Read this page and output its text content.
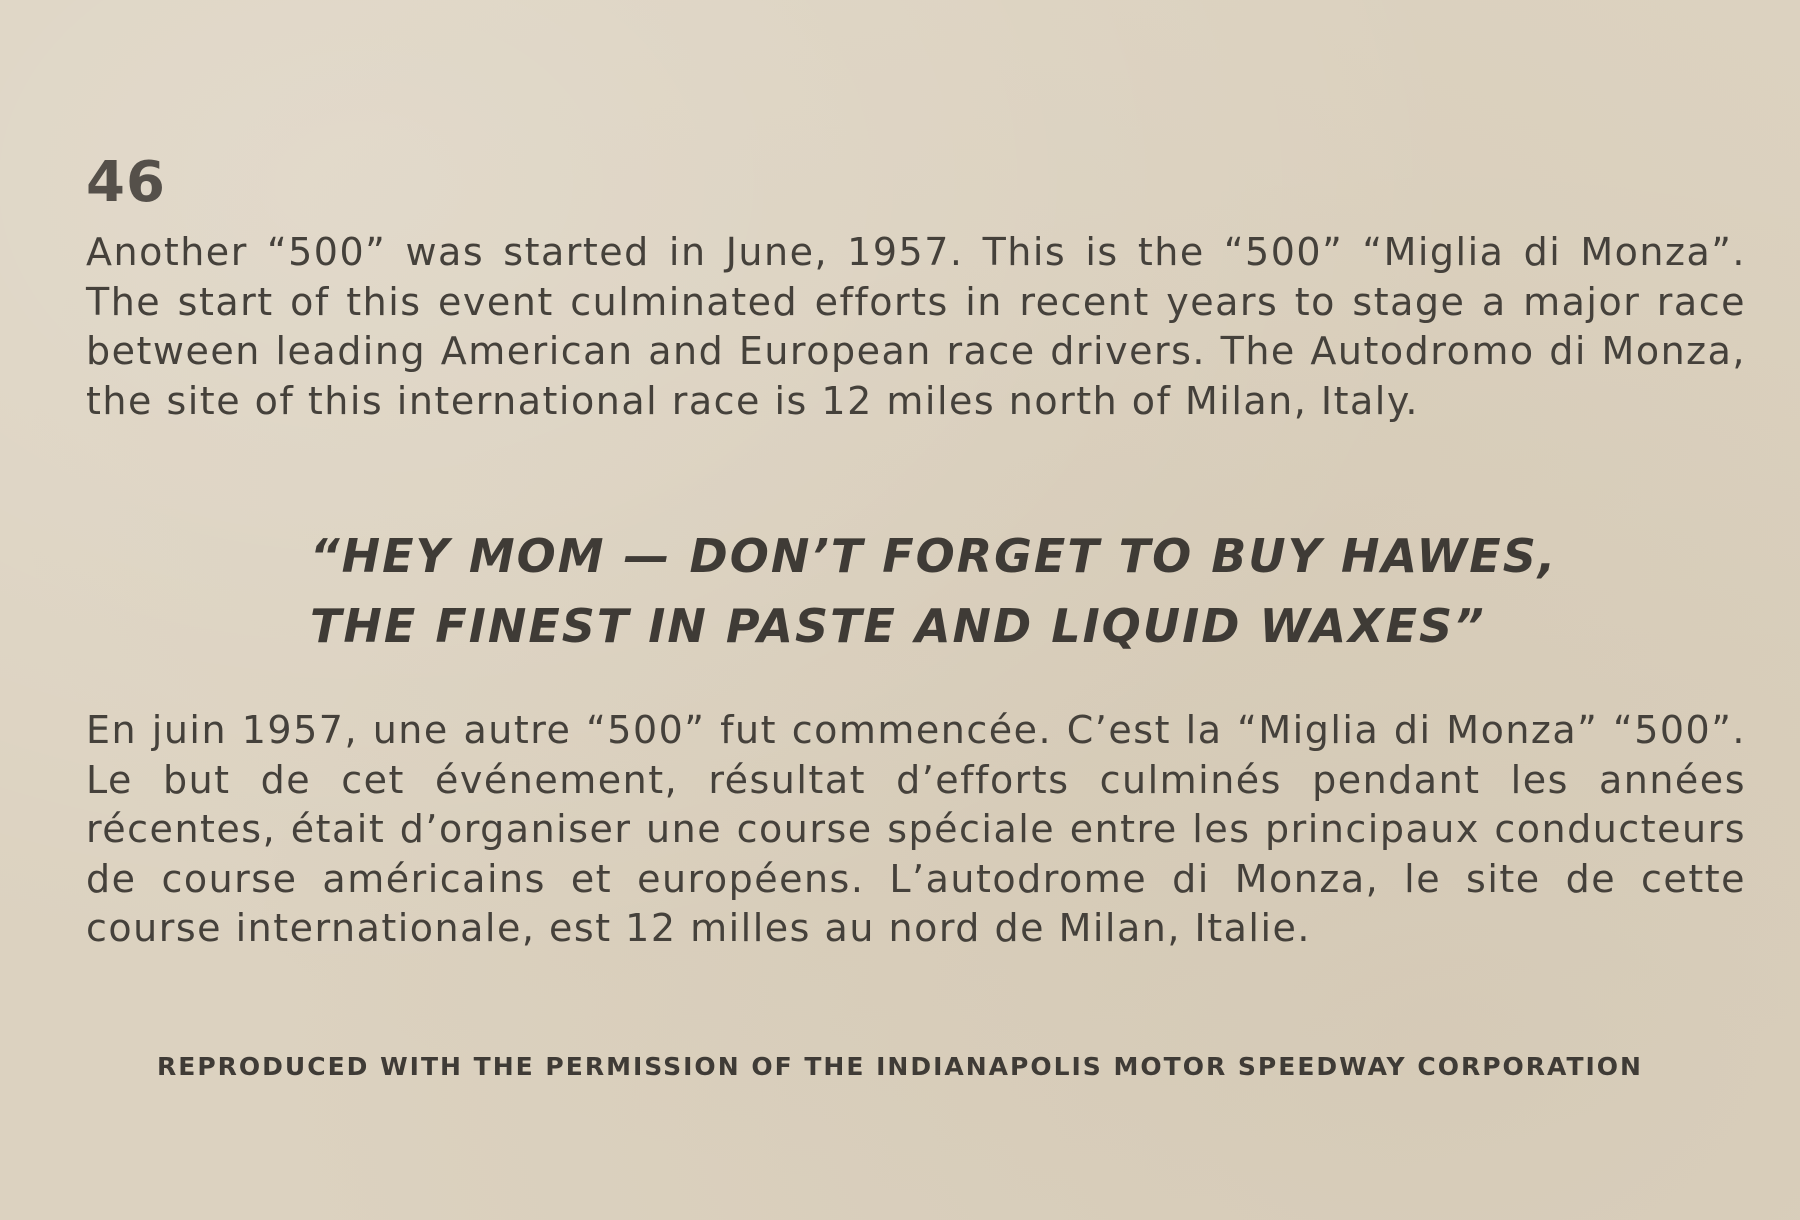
46
Another “500” was started in June, 1957. This is the “500” “Miglia di Monza”. The start of this event culminated efforts in recent years to stage a major race between leading American and European race drivers. The Autodromo di Monza, the site of this international race is 12 miles north of Milan, Italy.
“HEY MOM — DON’T FORGET TO BUY HAWES,
THE FINEST IN PASTE AND LIQUID WAXES”
En juin 1957, une autre “500” fut commencée. C’est la “Miglia di Monza” “500”. Le but de cet événement, résultat d’efforts culminés pendant les années récentes, était d’organiser une course spéciale entre les principaux conducteurs de course américains et européens. L’autodrome di Monza, le site de cette course internationale, est 12 milles au nord de Milan, Italie.
REPRODUCED WITH THE PERMISSION OF THE INDIANAPOLIS MOTOR SPEEDWAY CORPORATION
